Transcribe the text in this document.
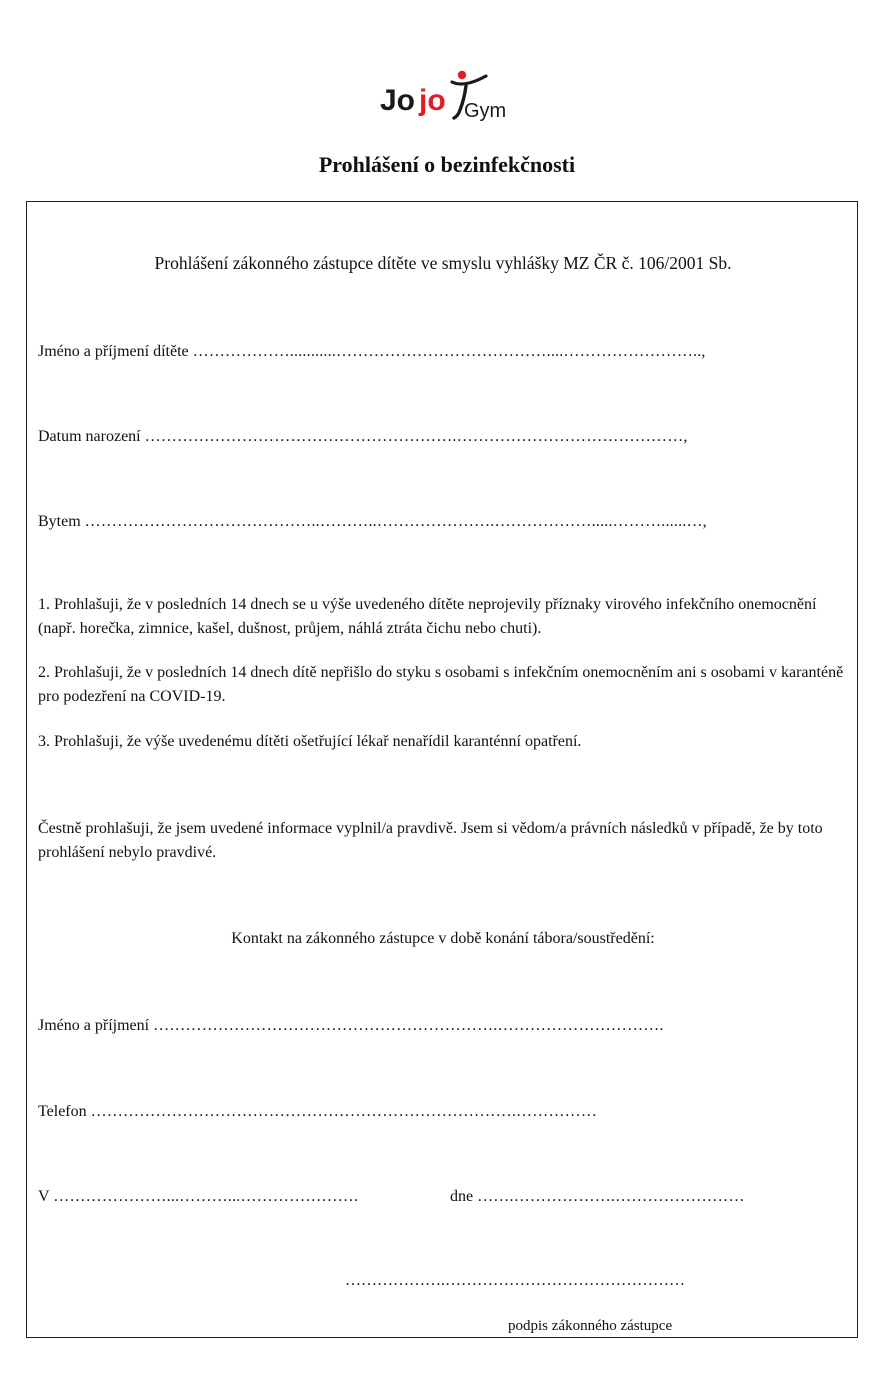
Jo jo Gym
Prohlášení o bezinfekčnosti
Prohlášení zákonného zástupce dítěte ve smyslu vyhlášky MZ ČR č. 106/2001 Sb.
Jméno a příjmení dítěte ………………...........…………………………………....……………………..,
Datum narození ………………………………………………….……………………………………,
Bytem ……………………………………..………..………………….……………….....………......…,
1. Prohlašuji, že v posledních 14 dnech se u výše uvedeného dítěte neprojevily příznaky virového infekčního onemocnění (např. horečka, zimnice, kašel, dušnost, průjem, náhlá ztráta čichu nebo chuti).
2. Prohlašuji, že v posledních 14 dnech dítě nepřišlo do styku s osobami s infekčním onemocněním ani s osobami v karanténě pro podezření na COVID-19.
3. Prohlašuji, že výše uvedenému dítěti ošetřující lékař nenařídil karanténní opatření.
Čestně prohlašuji, že jsem uvedené informace vyplnil/a pravdivě. Jsem si vědom/a právních následků v případě, že by toto prohlášení nebylo pravdivé.
Kontakt na zákonného zástupce v době konání tábora/soustředění:
Jméno a příjmení ……………………………………………………….………………………….
Telefon …………………………………………………………………….……………
V …………………...………...………………….	dne …….……………….……………………
……………….………………………………………
podpis zákonného zástupce
